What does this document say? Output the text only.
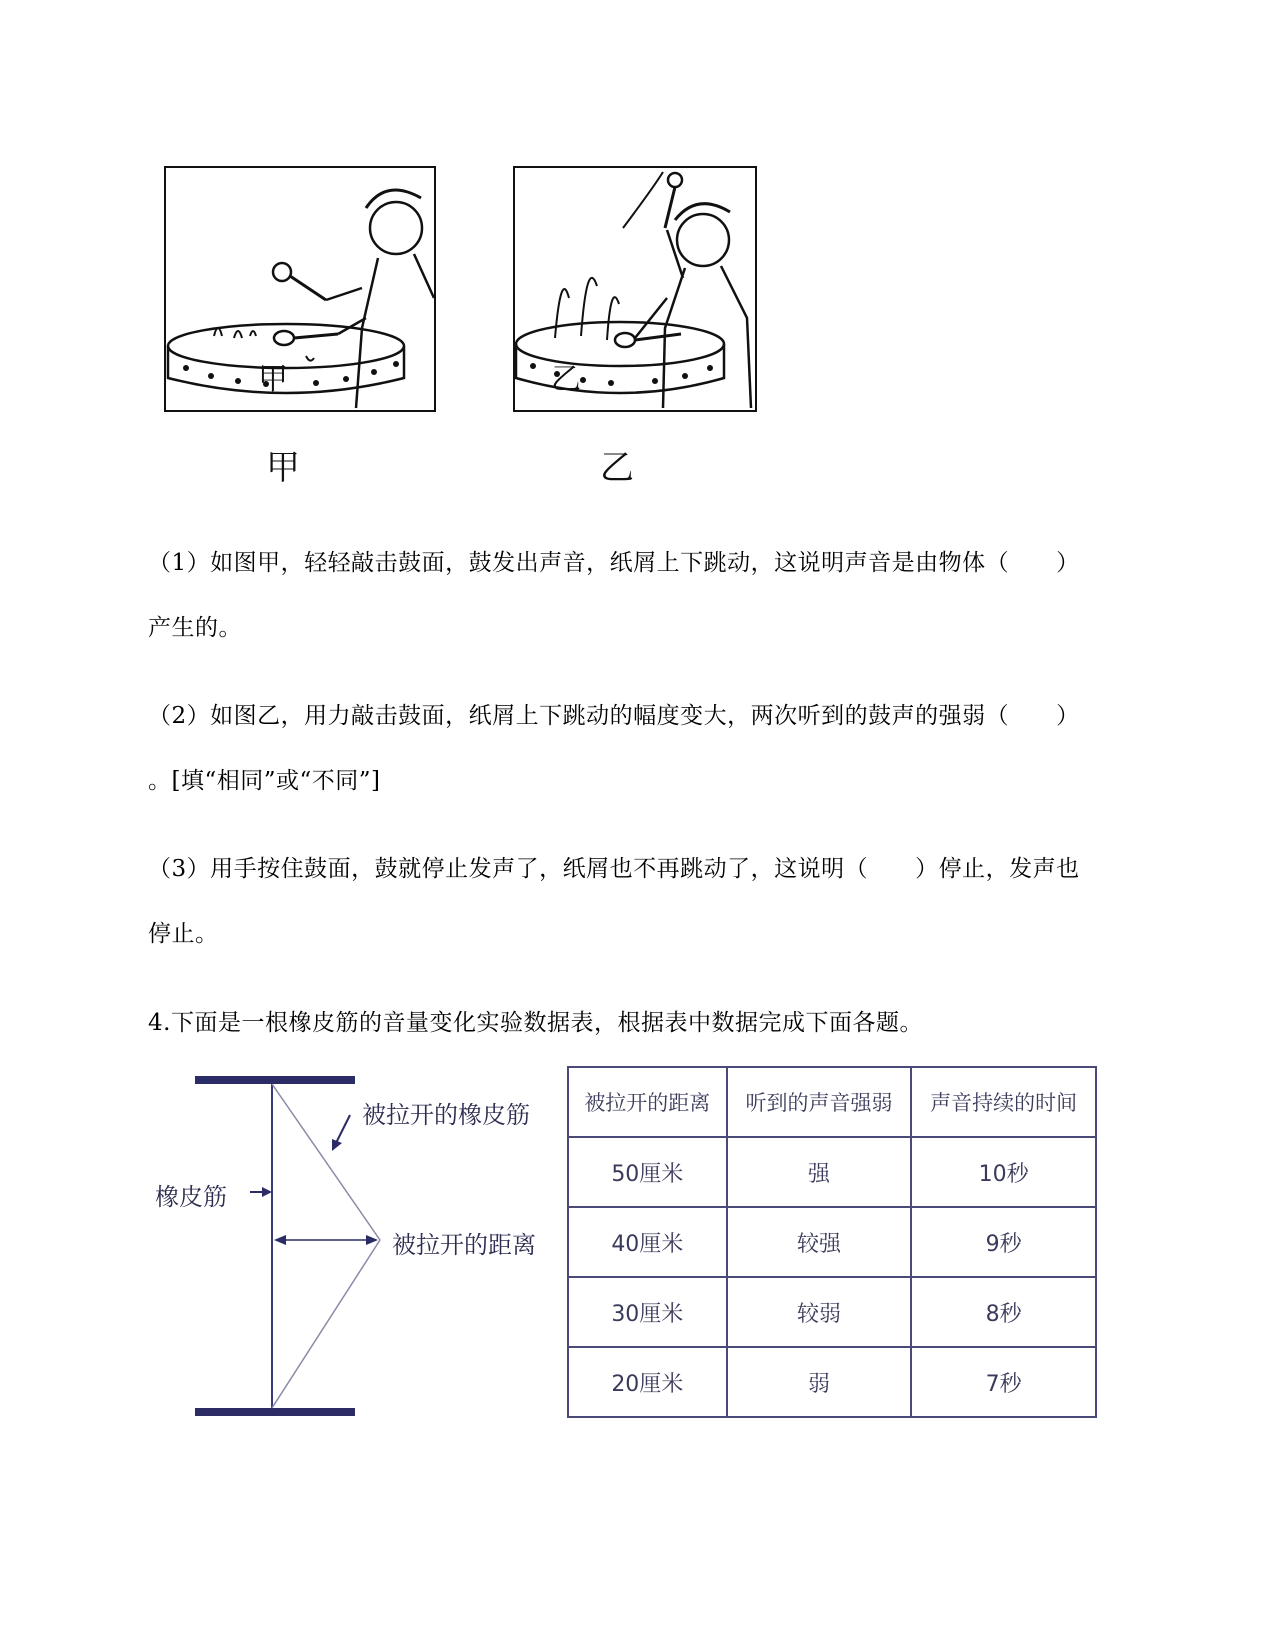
甲
甲
乙
乙
（1）如图甲，轻轻敲击鼓面，鼓发出声音，纸屑上下跳动，这说明声音是由物体（　　）
产生的。
（2）如图乙，用力敲击鼓面，纸屑上下跳动的幅度变大，两次听到的鼓声的强弱（　　）
。[填“相同”或“不同”]
（3）用手按住鼓面，鼓就停止发声了，纸屑也不再跳动了，这说明（　　）停止，发声也
停止。
4.下面是一根橡皮筋的音量变化实验数据表，根据表中数据完成下面各题。
被拉开的橡皮筋
橡皮筋
被拉开的距离
被拉开的距离	听到的声音强弱	声音持续的时间
50厘米	强	10秒
40厘米	较强	9秒
30厘米	较弱	8秒
20厘米	弱	7秒
